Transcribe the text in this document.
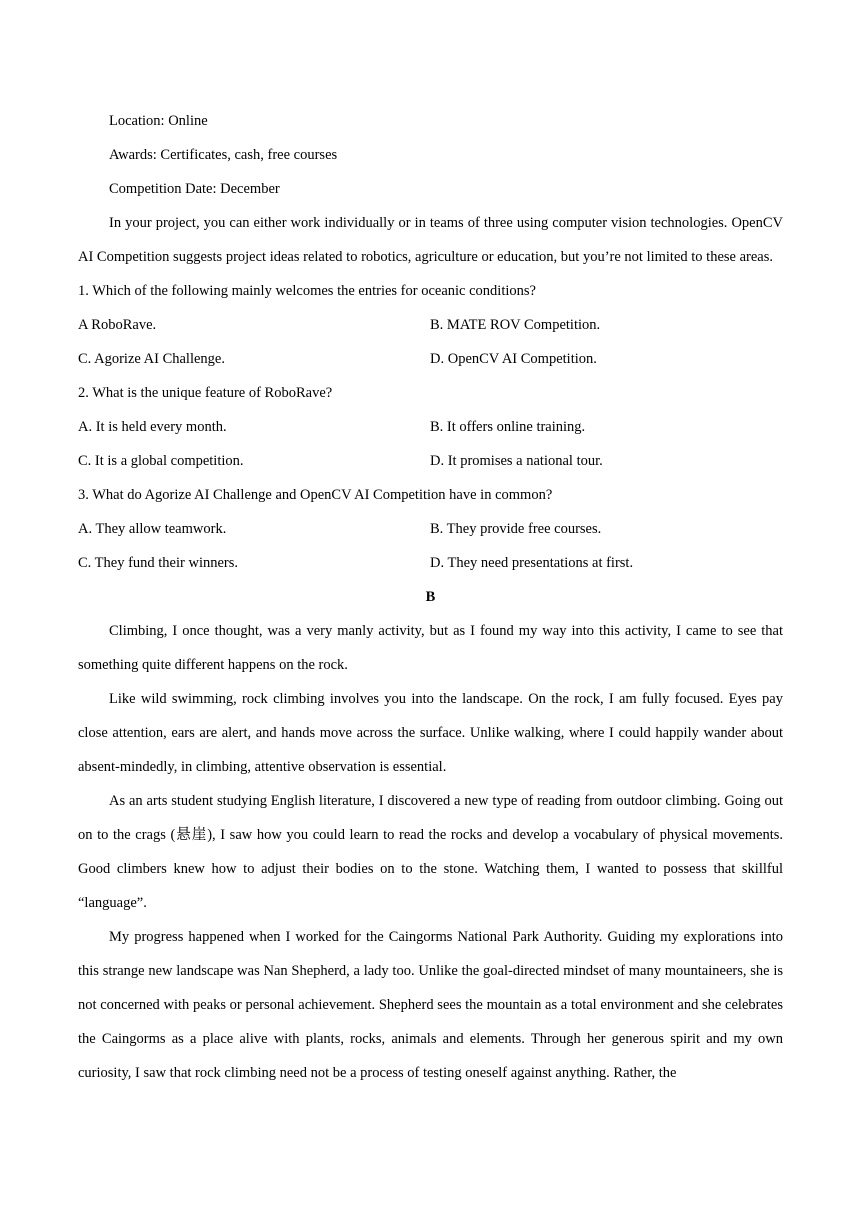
Location: Online

Awards: Certificates, cash, free courses

Competition Date: December

In your project, you can either work individually or in teams of three using computer vision technologies. OpenCV AI Competition suggests project ideas related to robotics, agriculture or education, but you’re not limited to these areas.

1. Which of the following mainly welcomes the entries for oceanic conditions?

A RoboRave.	B. MATE ROV Competition.
C. Agorize AI Challenge.	D. OpenCV AI Competition.

2. What is the unique feature of RoboRave?

A. It is held every month.	B. It offers online training.
C. It is a global competition.	D. It promises a national tour.

3. What do Agorize AI Challenge and OpenCV AI Competition have in common?

A. They allow teamwork.	B. They provide free courses.
C. They fund their winners.	D. They need presentations at first.

B

Climbing, I once thought, was a very manly activity, but as I found my way into this activity, I came to see that something quite different happens on the rock.

Like wild swimming, rock climbing involves you into the landscape. On the rock, I am fully focused. Eyes pay close attention, ears are alert, and hands move across the surface. Unlike walking, where I could happily wander about absent-mindedly, in climbing, attentive observation is essential.

As an arts student studying English literature, I discovered a new type of reading from outdoor climbing. Going out on to the crags (悬崖), I saw how you could learn to read the rocks and develop a vocabulary of physical movements. Good climbers knew how to adjust their bodies on to the stone. Watching them, I wanted to possess that skillful “language”.

My progress happened when I worked for the Caingorms National Park Authority. Guiding my explorations into this strange new landscape was Nan Shepherd, a lady too. Unlike the goal-directed mindset of many mountaineers, she is not concerned with peaks or personal achievement. Shepherd sees the mountain as a total environment and she celebrates the Caingorms as a place alive with plants, rocks, animals and elements. Through her generous spirit and my own curiosity, I saw that rock climbing need not be a process of testing oneself against anything. Rather, the
